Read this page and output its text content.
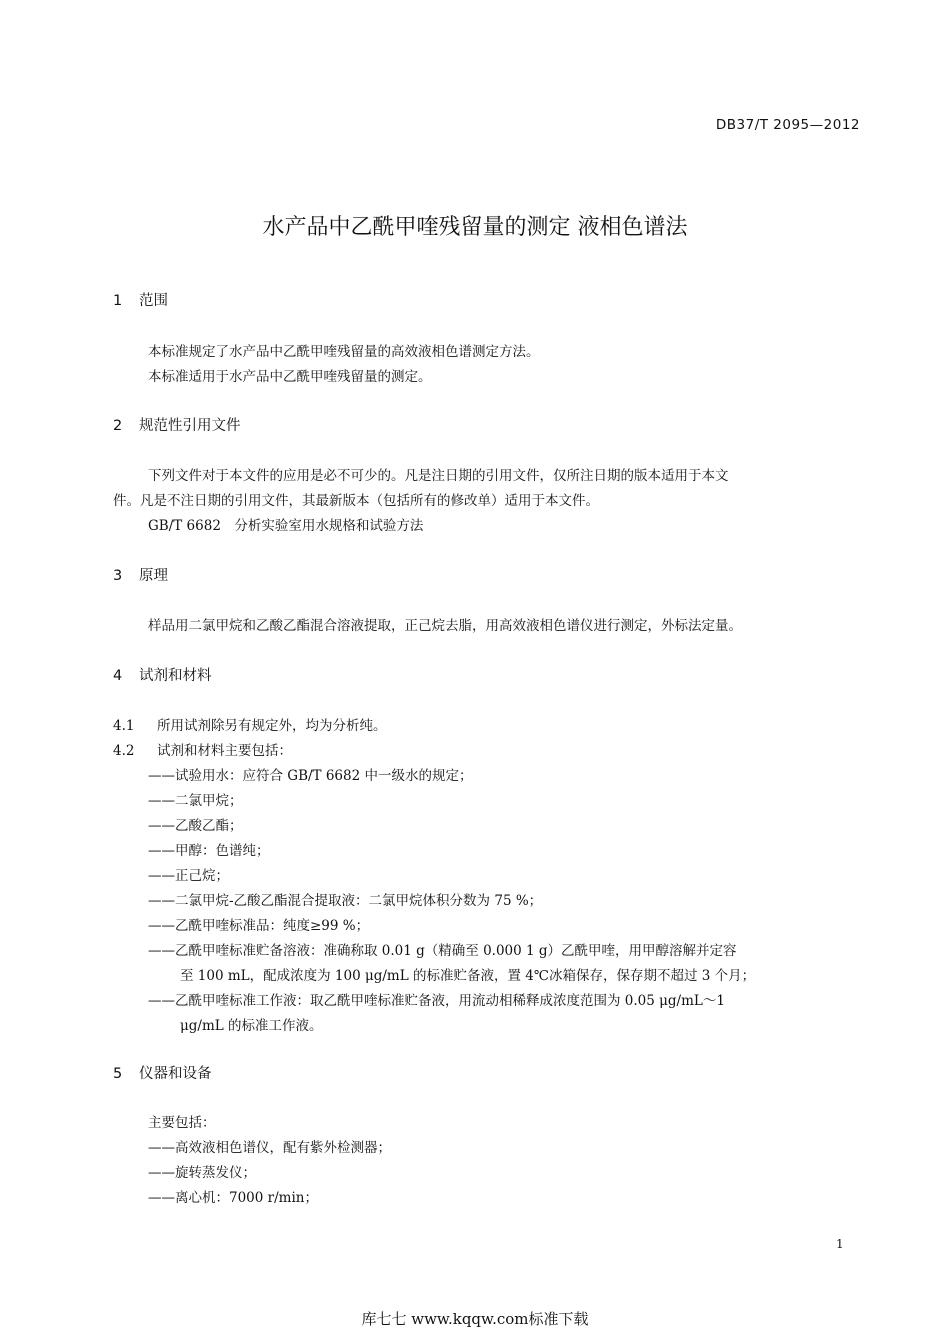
DB37/T 2095—2012
水产品中乙酰甲喹残留量的测定 液相色谱法
1 范围
本标准规定了水产品中乙酰甲喹残留量的高效液相色谱测定方法。
本标准适用于水产品中乙酰甲喹残留量的测定。
2 规范性引用文件
下列文件对于本文件的应用是必不可少的。凡是注日期的引用文件，仅所注日期的版本适用于本文
件。凡是不注日期的引用文件，其最新版本（包括所有的修改单）适用于本文件。
GB/T 6682　分析实验室用水规格和试验方法
3 原理
样品用二氯甲烷和乙酸乙酯混合溶液提取，正己烷去脂，用高效液相色谱仪进行测定，外标法定量。
4 试剂和材料
4.1 所用试剂除另有规定外，均为分析纯。
4.2 试剂和材料主要包括：
——试验用水：应符合 GB/T 6682 中一级水的规定；
——二氯甲烷；
——乙酸乙酯；
——甲醇：色谱纯；
——正己烷；
——二氯甲烷-乙酸乙酯混合提取液：二氯甲烷体积分数为 75 %；
——乙酰甲喹标准品：纯度≥99 %；
——乙酰甲喹标准贮备溶液：准确称取 0.01 g（精确至 0.000 1 g）乙酰甲喹，用甲醇溶解并定容
至 100 mL，配成浓度为 100 μg/mL 的标准贮备液，置 4℃冰箱保存，保存期不超过 3 个月；
——乙酰甲喹标准工作液：取乙酰甲喹标准贮备液，用流动相稀释成浓度范围为 0.05 μg/mL～1
μg/mL 的标准工作液。
5 仪器和设备
主要包括：
——高效液相色谱仪，配有紫外检测器；
——旋转蒸发仪；
——离心机：7000 r/min；
1
库七七 www.kqqw.com标准下载
